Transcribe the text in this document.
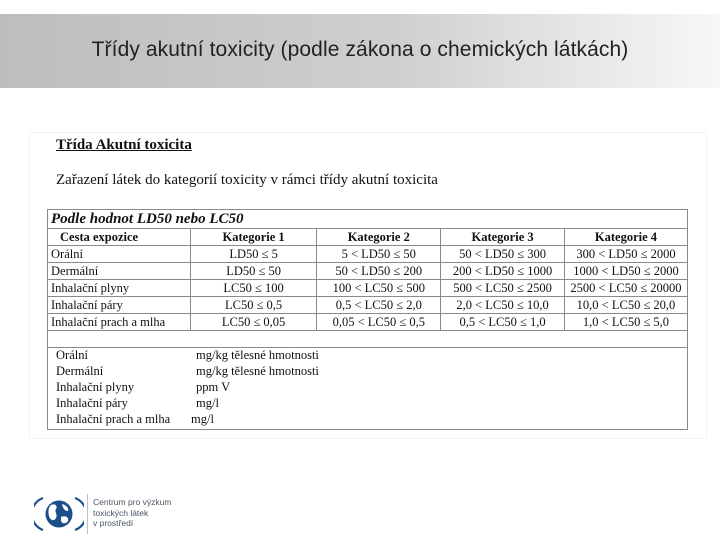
Třídy akutní toxicity (podle zákona o chemických látkách)
Třída Akutní toxicita
Zařazení látek do kategorií toxicity v rámci třídy akutní toxicita
Podle hodnot LD50 nebo LC50				
Cesta expozice	Kategorie 1	Kategorie 2	Kategorie 3	Kategorie 4
Orální	LD50 ≤ 5	5 < LD50 ≤ 50	50 < LD50 ≤ 300	300 < LD50 ≤ 2000
Dermální	LD50 ≤ 50	50 < LD50 ≤ 200	200 < LD50 ≤ 1000	1000 < LD50 ≤ 2000
Inhalační plyny	LC50 ≤ 100	100 < LC50 ≤ 500	500 < LC50 ≤ 2500	2500 < LC50 ≤ 20000
Inhalační páry	LC50 ≤ 0,5	0,5 < LC50 ≤ 2,0	2,0 < LC50 ≤ 10,0	10,0 < LC50 ≤ 20,0
Inhalační prach a mlha	LC50 ≤ 0,05	0,05 < LC50 ≤ 0,5	0,5 < LC50 ≤ 1,0	1,0 < LC50 ≤ 5,0

Orální	mg/kg tělesné hmotnosti
Dermální	mg/kg tělesné hmotnosti
Inhalační plyny	ppm V
Inhalační páry	mg/l
Inhalační prach a mlha mg/l
Centrum pro výzkum
toxických látek
v prostředí
